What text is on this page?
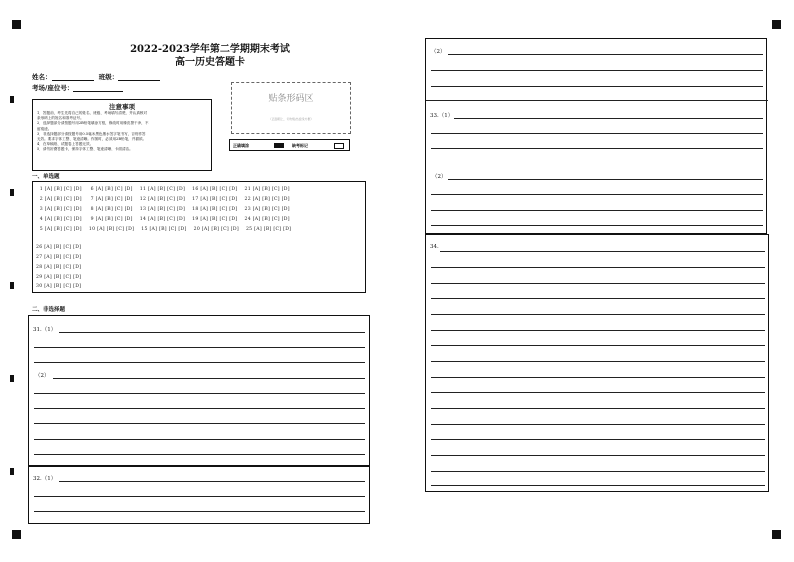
2022-2023学年第二学期期末考试
高一历史答题卡
姓名：	班级：
考场/座位号：
注意事项
1．答题前，考生先将自己的姓名、班级、考场填写清楚，并认真核对
条形码上的姓名和准考证号。
2．选择题部分请按题号用2B铅笔填涂方框，修改时用橡皮擦干净，不
留痕迹。
3．非选择题部分请按题号用0.5毫米黑色墨水签字笔书写，否则作答
无效。要求字体工整、笔迹清晰。作图时，必须用2B铅笔，并描浓。
4．在草稿纸、试题卷上答题无效。
5．请勿折叠答题卡，保持字体工整、笔迹清晰、卡面清洁。
贴条形码区
（正面朝上，切勿贴出虚线方框）
正确填涂	缺考标记
一、单选题
1 [A] [B] [C] [D]     6 [A] [B] [C] [D]    11 [A] [B] [C] [D]    16 [A] [B] [C] [D]    21 [A] [B] [C] [D]
2 [A] [B] [C] [D]     7 [A] [B] [C] [D]    12 [A] [B] [C] [D]    17 [A] [B] [C] [D]    22 [A] [B] [C] [D]
3 [A] [B] [C] [D]     8 [A] [B] [C] [D]    13 [A] [B] [C] [D]    18 [A] [B] [C] [D]    23 [A] [B] [C] [D]
4 [A] [B] [C] [D]     9 [A] [B] [C] [D]    14 [A] [B] [C] [D]    19 [A] [B] [C] [D]    24 [A] [B] [C] [D]
5 [A] [B] [C] [D]    10 [A] [B] [C] [D]    15 [A] [B] [C] [D]    20 [A] [B] [C] [D]    25 [A] [B] [C] [D]
26 [A] [B] [C] [D]
27 [A] [B] [C] [D]
28 [A] [B] [C] [D]
29 [A] [B] [C] [D]
30 [A] [B] [C] [D]
二、非选择题
31.（1）
（2）
32.（1）
（2）
33.（1）
（2）
34.
